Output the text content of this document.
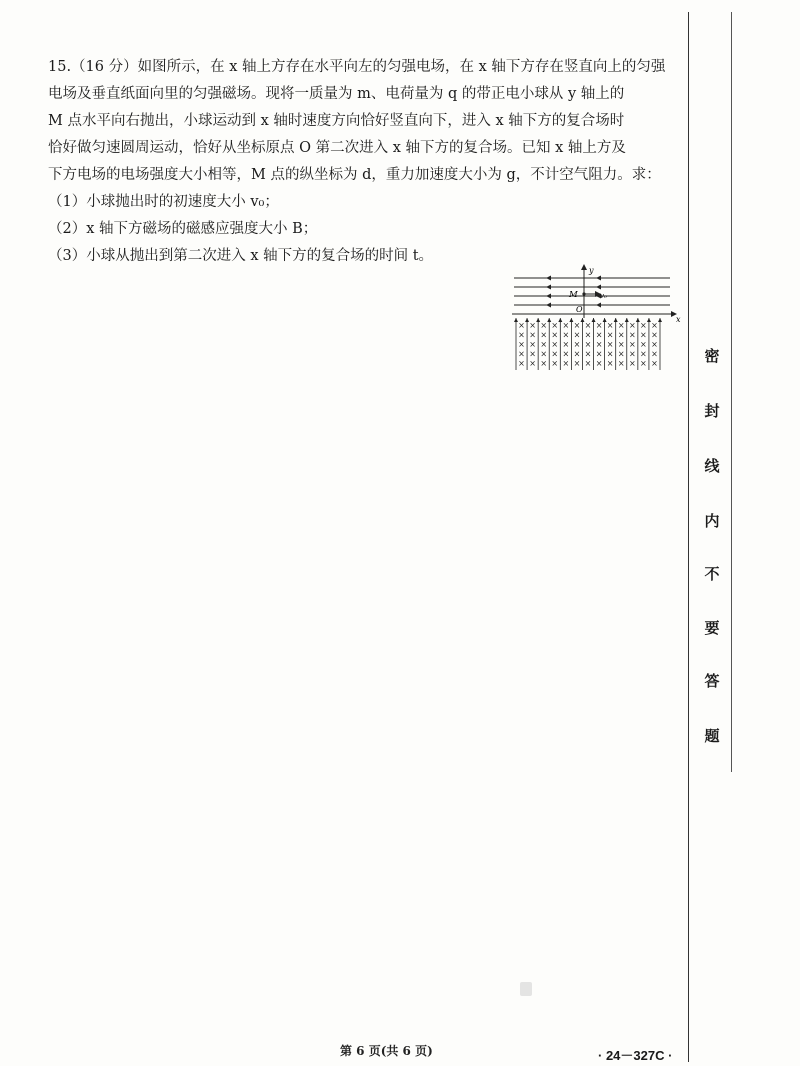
15.（16 分）如图所示，在 x 轴上方存在水平向左的匀强电场，在 x 轴下方存在竖直向上的匀强

电场及垂直纸面向里的匀强磁场。现将一质量为 m、电荷量为 q 的带正电小球从 y 轴上的

M 点水平向右抛出，小球运动到 x 轴时速度方向恰好竖直向下，进入 x 轴下方的复合场时

恰好做匀速圆周运动，恰好从坐标原点 O 第二次进入 x 轴下方的复合场。已知 x 轴上方及

下方电场的电场强度大小相等，M 点的纵坐标为 d，重力加速度大小为 g，不计空气阻力。求：

（1）小球抛出时的初速度大小 v₀；

（2）x 轴下方磁场的磁感应强度大小 B；

（3）小球从抛出到第二次进入 x 轴下方的复合场的时间 t。

y
x
M	v₀
O
×
×
×
×
×
×
×
×
×
×
×
×
×
×
×
×
×
×
×
×
×
×
×
×
×
×
×
×
×
×
×
×
×
×
×
×
×
×
×
×
×
×
×
×
×
×
×
×
×
×
×
×
×
×
×
×
×
×
×
×
×
×
×
×
×	密
封
线
内
不
要
答
题
第 6 页(共 6 页)	· 24－327C ·
